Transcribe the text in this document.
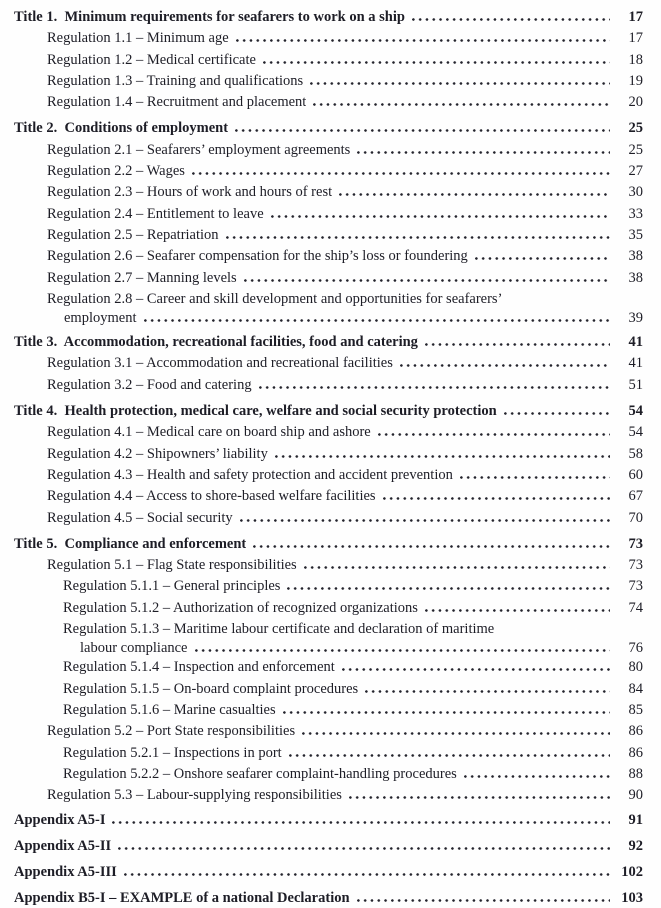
Title 1.  Minimum requirements for seafarers to work on a ship	17
Regulation 1.1 – Minimum age	17
Regulation 1.2 – Medical certificate	18
Regulation 1.3 – Training and qualifications	19
Regulation 1.4 – Recruitment and placement	20
Title 2.  Conditions of employment	25
Regulation 2.1 – Seafarers’ employment agreements	25
Regulation 2.2 – Wages	27
Regulation 2.3 – Hours of work and hours of rest	30
Regulation 2.4 – Entitlement to leave	33
Regulation 2.5 – Repatriation	35
Regulation 2.6 – Seafarer compensation for the ship’s loss or foundering	38
Regulation 2.7 – Manning levels	38
Regulation 2.8 – Career and skill development and opportunities for seafarers’
employment	39
Title 3.  Accommodation, recreational facilities, food and catering	41
Regulation 3.1 – Accommodation and recreational facilities	41
Regulation 3.2 – Food and catering	51
Title 4.  Health protection, medical care, welfare and social security protection	54
Regulation 4.1 – Medical care on board ship and ashore	54
Regulation 4.2 – Shipowners’ liability	58
Regulation 4.3 – Health and safety protection and accident prevention	60
Regulation 4.4 – Access to shore-based welfare facilities	67
Regulation 4.5 – Social security	70
Title 5.  Compliance and enforcement	73
Regulation 5.1 – Flag State responsibilities	73
Regulation 5.1.1 – General principles	73
Regulation 5.1.2 – Authorization of recognized organizations	74
Regulation 5.1.3 – Maritime labour certificate and declaration of maritime
labour compliance	76
Regulation 5.1.4 – Inspection and enforcement	80
Regulation 5.1.5 – On-board complaint procedures	84
Regulation 5.1.6 – Marine casualties	85
Regulation 5.2 – Port State responsibilities	86
Regulation 5.2.1 – Inspections in port	86
Regulation 5.2.2 – Onshore seafarer complaint-handling procedures	88
Regulation 5.3 – Labour-supplying responsibilities	90
Appendix A5-I	91
Appendix A5-II	92
Appendix A5-III	102
Appendix B5-I – EXAMPLE of a national Declaration	103
